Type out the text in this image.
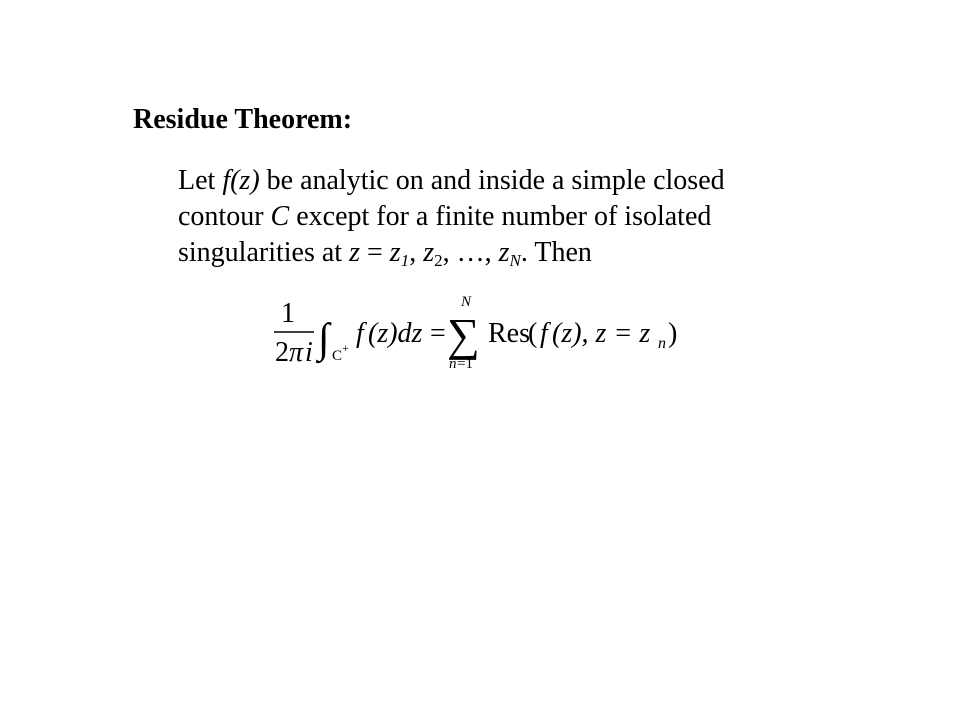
Residue Theorem:
Let f(z) be analytic on and inside a simple closed
contour C except for a finite number of isolated
singularities at $z = z_1$, $z_2$, …, $z_N$. Then
1
2 π i ∫ C + f (z)dz =
N
∑
n =1
Res
( f (z), z = z n )
